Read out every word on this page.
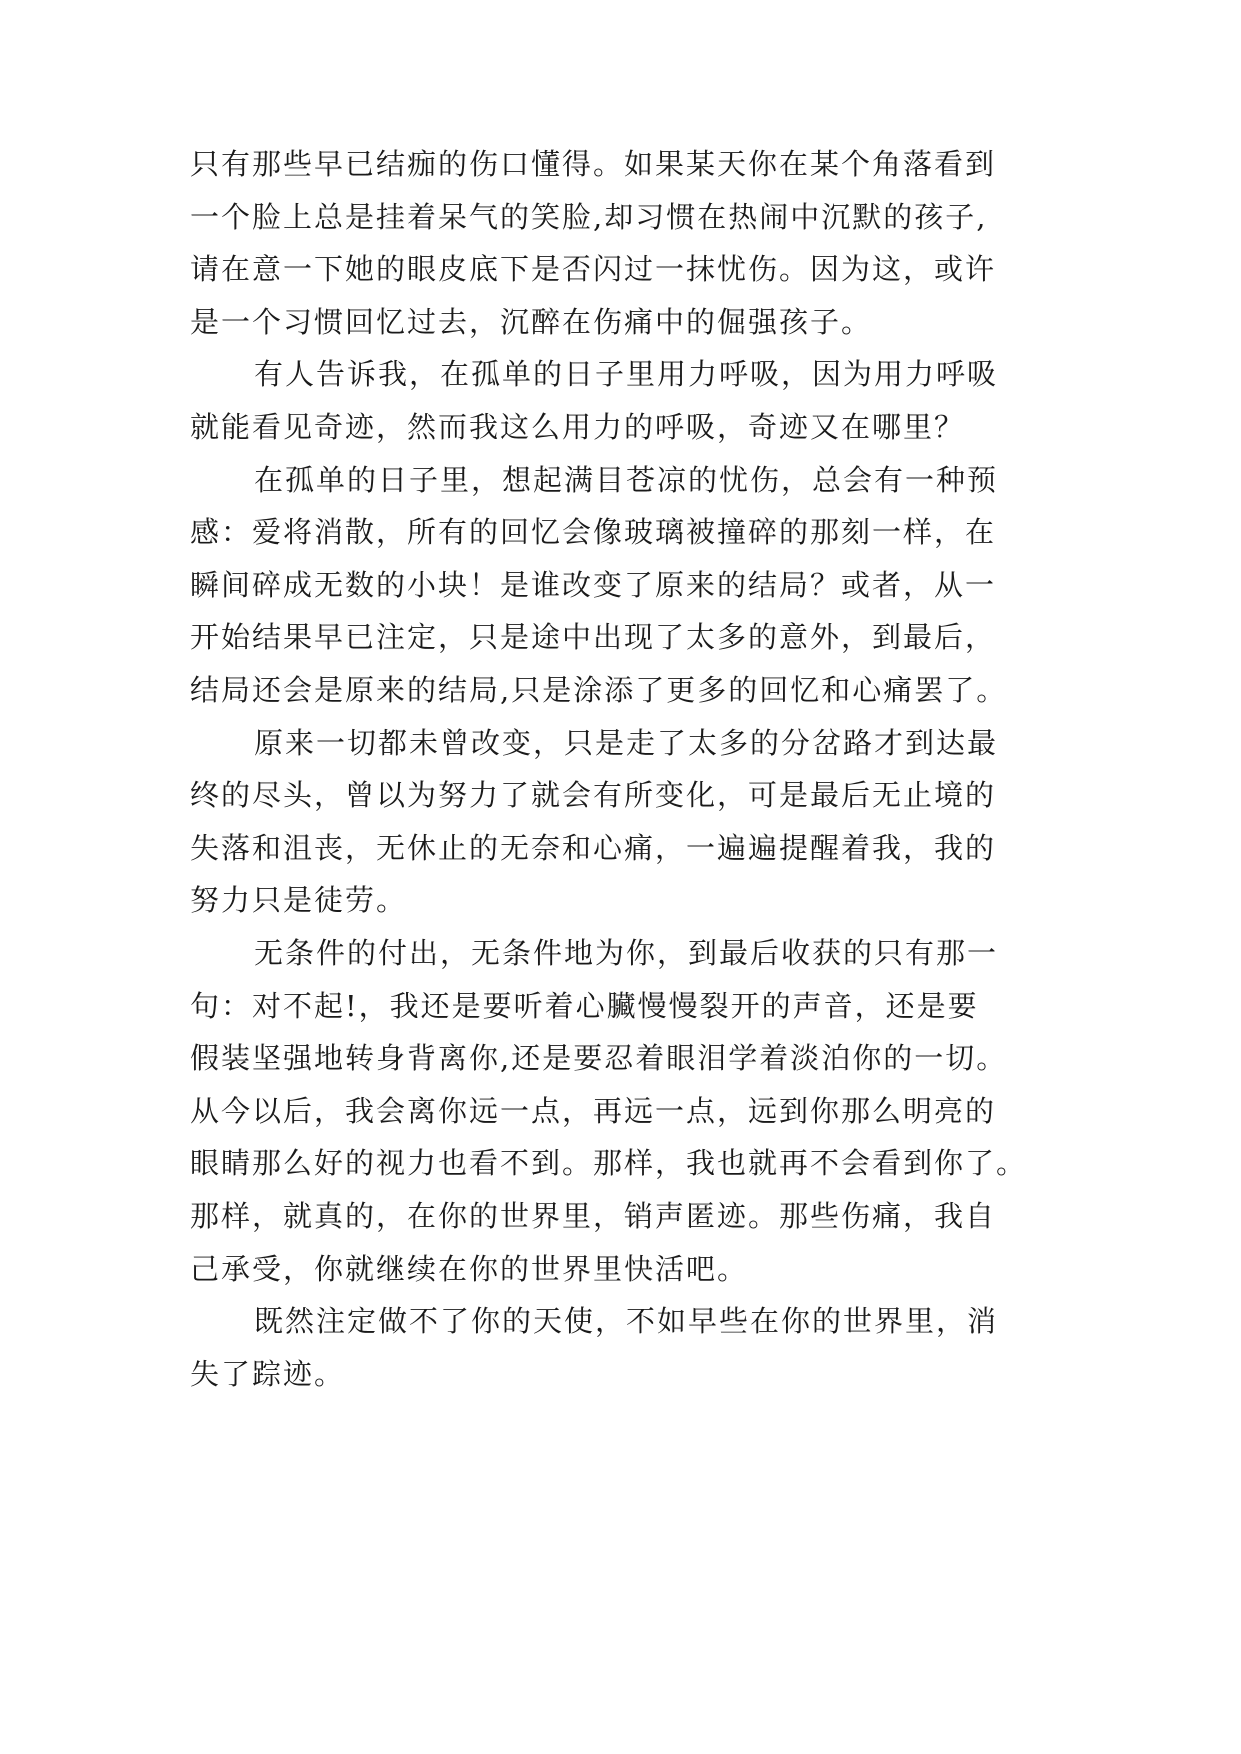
只有那些早已结痂的伤口懂得。如果某天你在某个角落看到
一个脸上总是挂着呆气的笑脸,却习惯在热闹中沉默的孩子,
请在意一下她的眼皮底下是否闪过一抹忧伤。因为这，或许
是一个习惯回忆过去，沉醉在伤痛中的倔强孩子。
有人告诉我，在孤单的日子里用力呼吸，因为用力呼吸
就能看见奇迹，然而我这么用力的呼吸，奇迹又在哪里？
在孤单的日子里，想起满目苍凉的忧伤，总会有一种预
感：爱将消散，所有的回忆会像玻璃被撞碎的那刻一样，在
瞬间碎成无数的小块！是谁改变了原来的结局？或者，从一
开始结果早已注定，只是途中出现了太多的意外，到最后，
结局还会是原来的结局,只是涂添了更多的回忆和心痛罢了。
原来一切都未曾改变，只是走了太多的分岔路才到达最
终的尽头，曾以为努力了就会有所变化，可是最后无止境的
失落和沮丧，无休止的无奈和心痛，一遍遍提醒着我，我的
努力只是徒劳。
无条件的付出，无条件地为你，到最后收获的只有那一
句：对不起!，我还是要听着心臟慢慢裂开的声音，还是要
假装坚强地转身背离你,还是要忍着眼泪学着淡泊你的一切。
从今以后，我会离你远一点，再远一点，远到你那么明亮的
眼睛那么好的视力也看不到。那样，我也就再不会看到你了。
那样，就真的，在你的世界里，销声匿迹。那些伤痛，我自
己承受，你就继续在你的世界里快活吧。
既然注定做不了你的天使，不如早些在你的世界里，消
失了踪迹。
